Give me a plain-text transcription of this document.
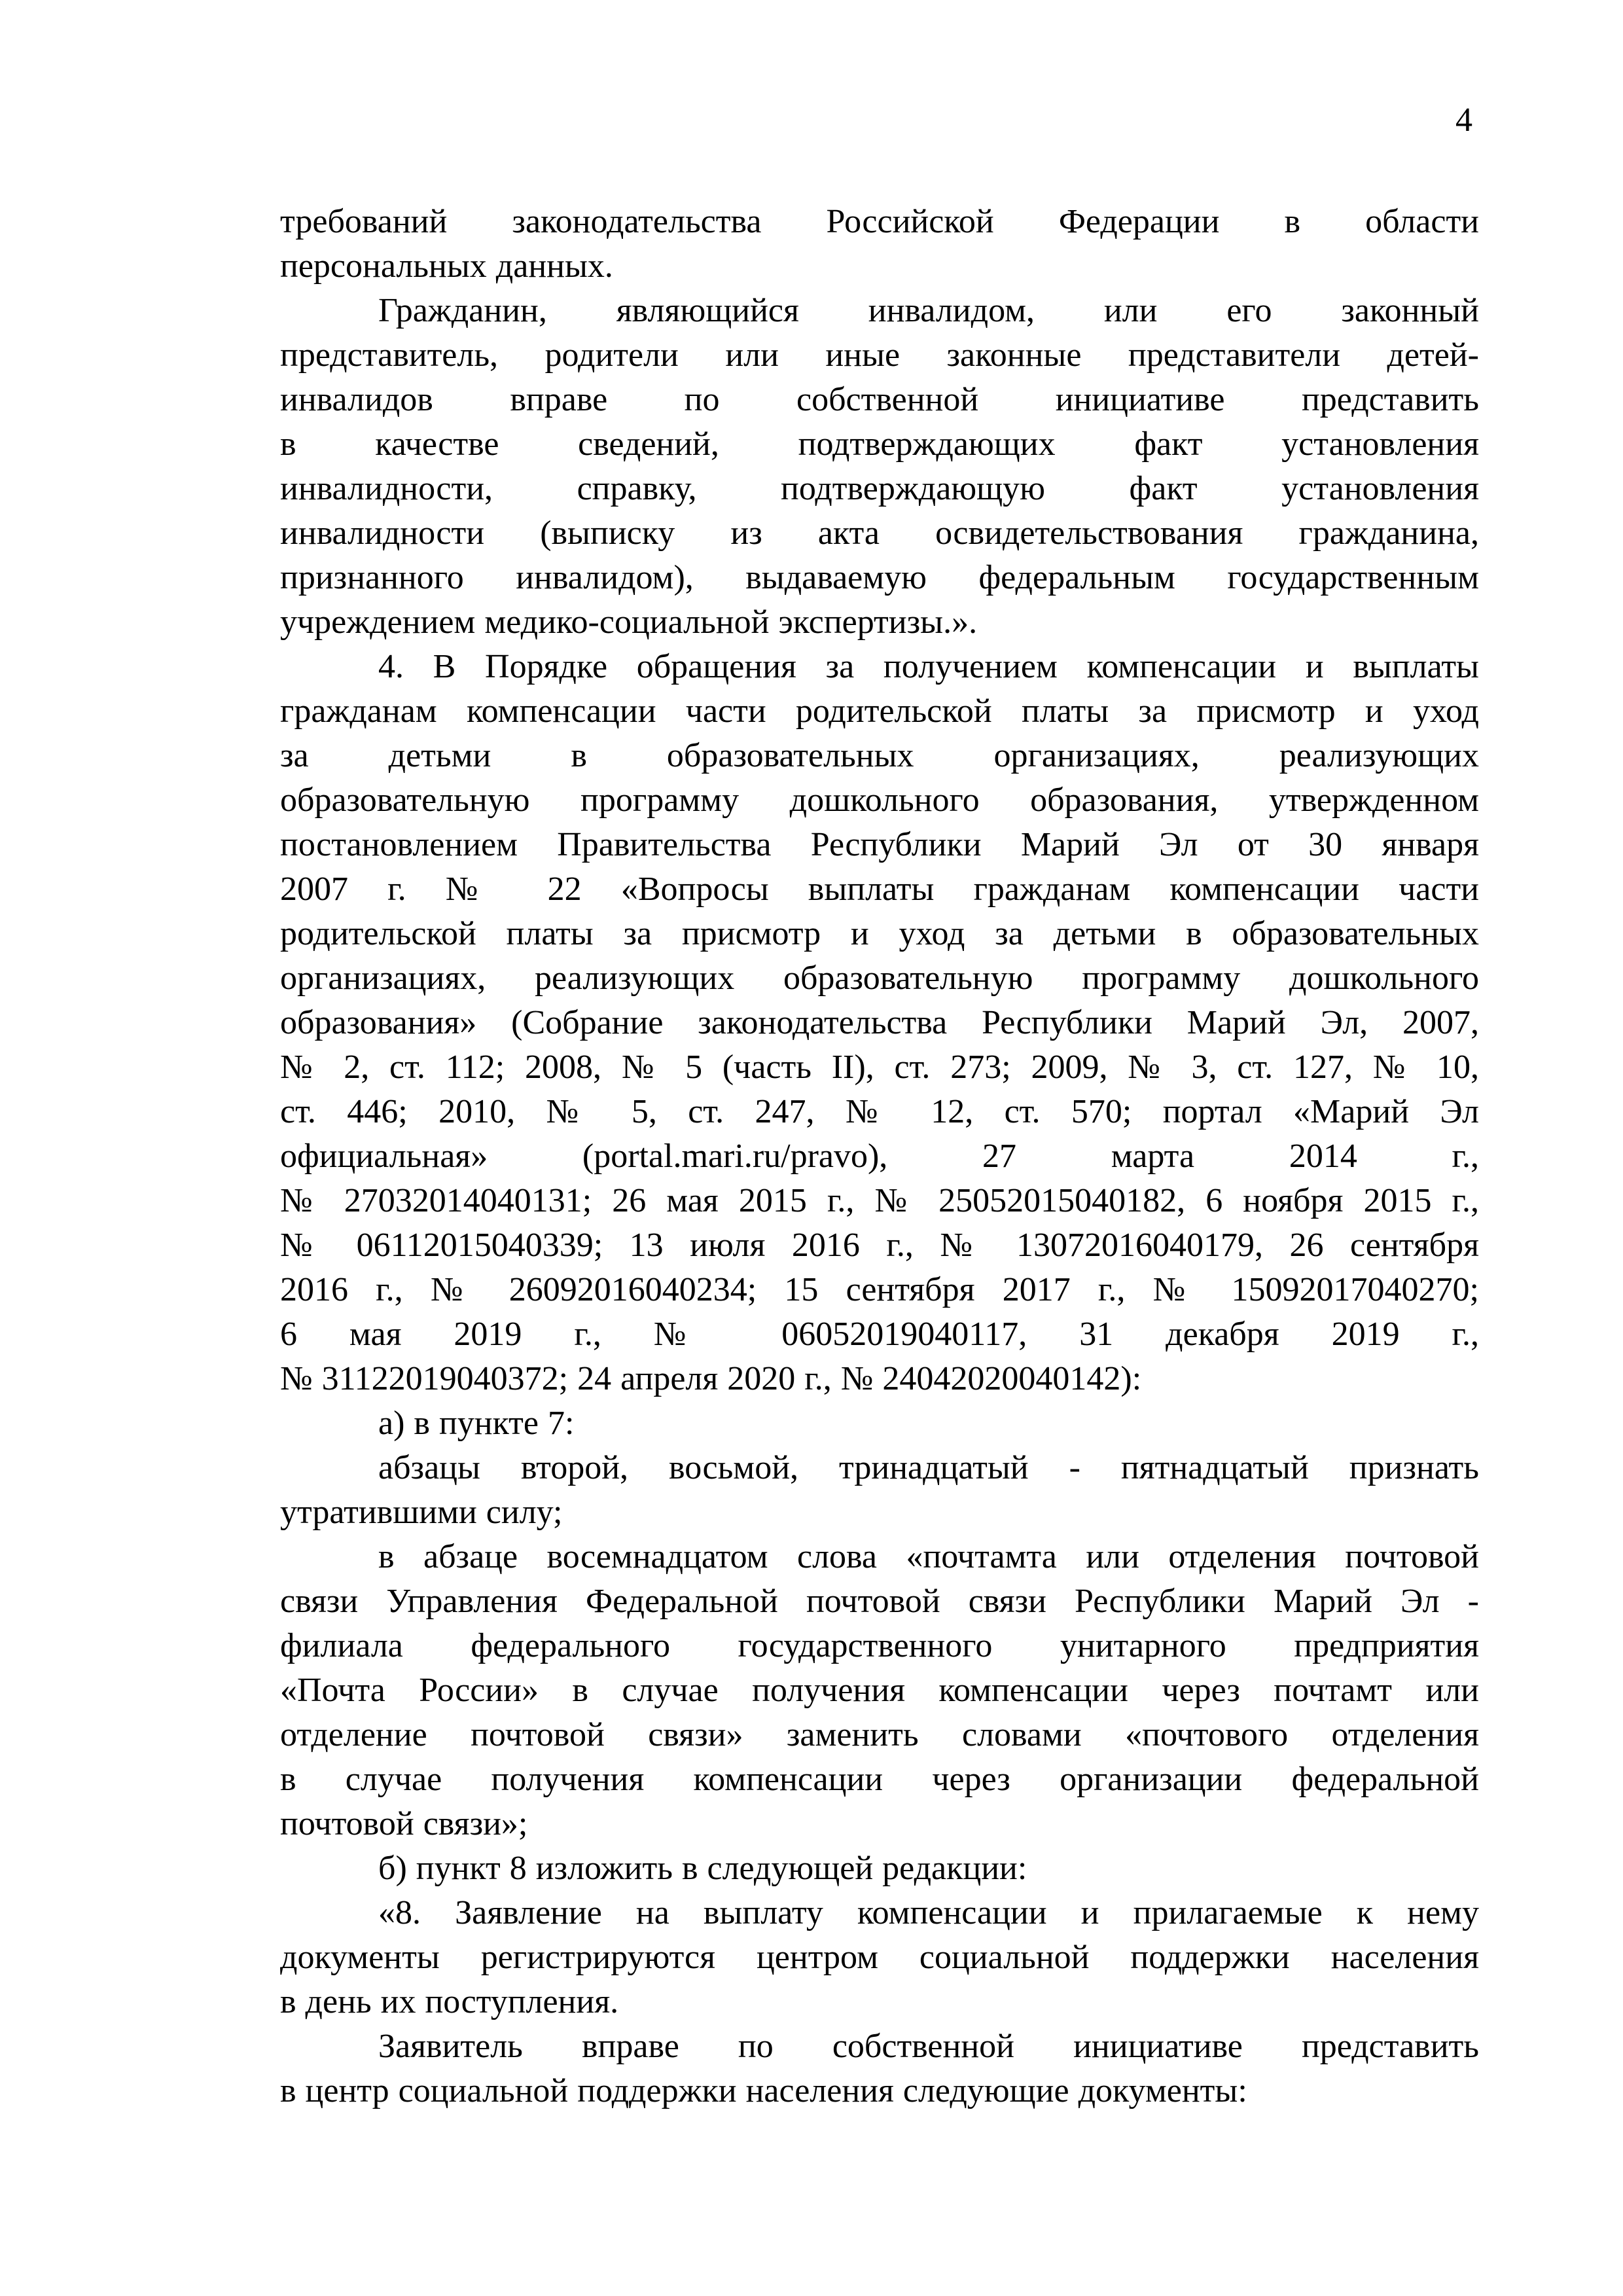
4
требований законодательства Российской Федерации в области
персональных данных.
Гражданин, являющийся инвалидом, или его законный
представитель, родители или иные законные представители детей-
инвалидов вправе по собственной инициативе представить
в качестве сведений, подтверждающих факт установления
инвалидности, справку, подтверждающую факт установления
инвалидности (выписку из акта освидетельствования гражданина,
признанного инвалидом), выдаваемую федеральным государственным
учреждением медико-социальной экспертизы.».
4. В Порядке обращения за получением компенсации и выплаты
гражданам компенсации части родительской платы за присмотр и уход
за детьми в образовательных организациях, реализующих
образовательную программу дошкольного образования, утвержденном
постановлением Правительства Республики Марий Эл от 30 января
2007 г. № 22 «Вопросы выплаты гражданам компенсации части
родительской платы за присмотр и уход за детьми в образовательных
организациях, реализующих образовательную программу дошкольного
образования» (Собрание законодательства Республики Марий Эл, 2007,
№ 2, ст. 112; 2008, № 5 (часть II), ст. 273; 2009, № 3, ст. 127, № 10,
ст. 446; 2010, № 5, ст. 247, № 12, ст. 570; портал «Марий Эл
официальная» (portal.mari.ru/pravo), 27 марта 2014 г.,
№ 27032014040131; 26 мая 2015 г., № 25052015040182, 6 ноября 2015 г.,
№ 06112015040339; 13 июля 2016 г., № 13072016040179, 26 сентября
2016 г., № 26092016040234; 15 сентября 2017 г., № 15092017040270;
6 мая 2019 г., № 06052019040117, 31 декабря 2019 г.,
№ 31122019040372; 24 апреля 2020 г., № 24042020040142):
а) в пункте 7:
абзацы второй, восьмой, тринадцатый - пятнадцатый признать
утратившими силу;
в абзаце восемнадцатом слова «почтамта или отделения почтовой
связи Управления Федеральной почтовой связи Республики Марий Эл -
филиала федерального государственного унитарного предприятия
«Почта России» в случае получения компенсации через почтамт или
отделение почтовой связи» заменить словами «почтового отделения
в случае получения компенсации через организации федеральной
почтовой связи»;
б) пункт 8 изложить в следующей редакции:
«8. Заявление на выплату компенсации и прилагаемые к нему
документы регистрируются центром социальной поддержки населения
в день их поступления.
Заявитель вправе по собственной инициативе представить
в центр социальной поддержки населения следующие документы:
